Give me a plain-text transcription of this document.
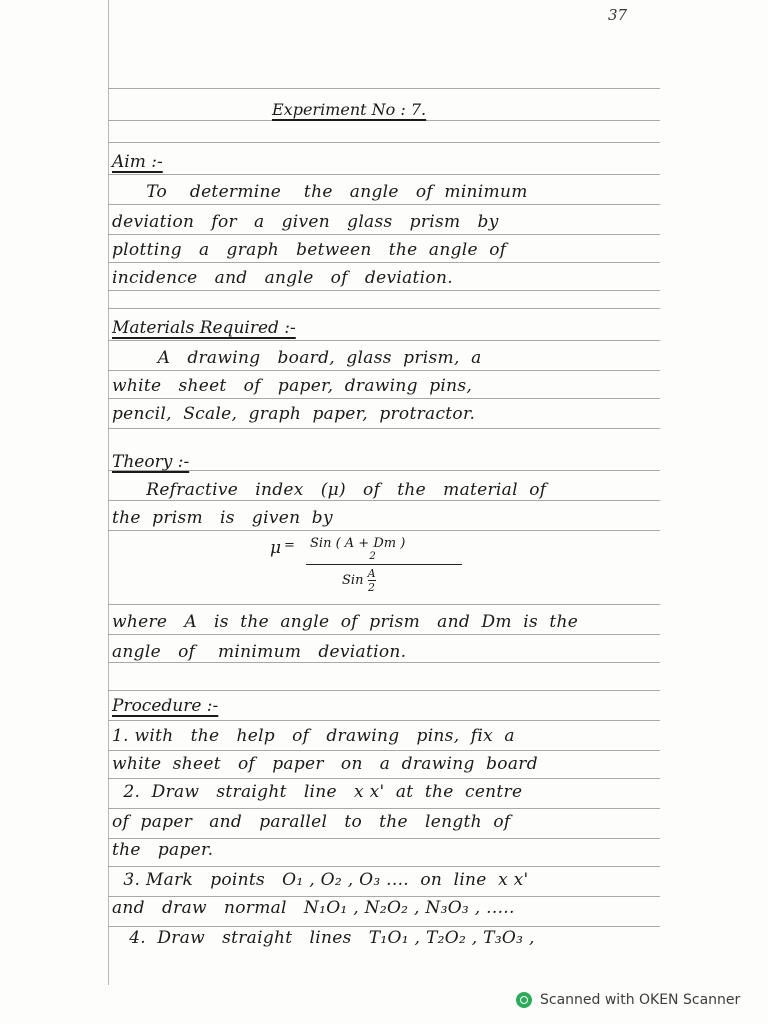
37
Experiment No : 7.
Aim :-
To    determine    the   angle   of  minimum
deviation   for   a   given   glass   prism   by
plotting   a   graph   between   the  angle  of
incidence   and   angle   of   deviation.
Materials Required :-
A   drawing   board,  glass  prism,  a
white   sheet   of   paper,  drawing  pins,
pencil,  Scale,  graph  paper,  protractor.
Theory :-
Refractive   index   (μ)   of   the   material  of
the  prism   is   given  by
μ = Sin ( A + Dm ) $_2$
Sin $\frac{A}{2}$
where   A   is  the  angle  of  prism   and  Dm  is  the
angle   of    minimum   deviation.
Procedure :-
1. with   the   help   of   drawing   pins,  fix  a
white  sheet   of   paper   on   a  drawing  board
2.  Draw   straight   line   x x'  at  the  centre
of  paper   and   parallel   to   the   length  of
the   paper.
3. Mark   points   O₁ , O₂ , O₃ ....  on  line  x x'
and   draw   normal   N₁O₁ , N₂O₂ , N₃O₃ , .....
4.  Draw   straight   lines   T₁O₁ , T₂O₂ , T₃O₃ ,
Scanned with OKEN Scanner
